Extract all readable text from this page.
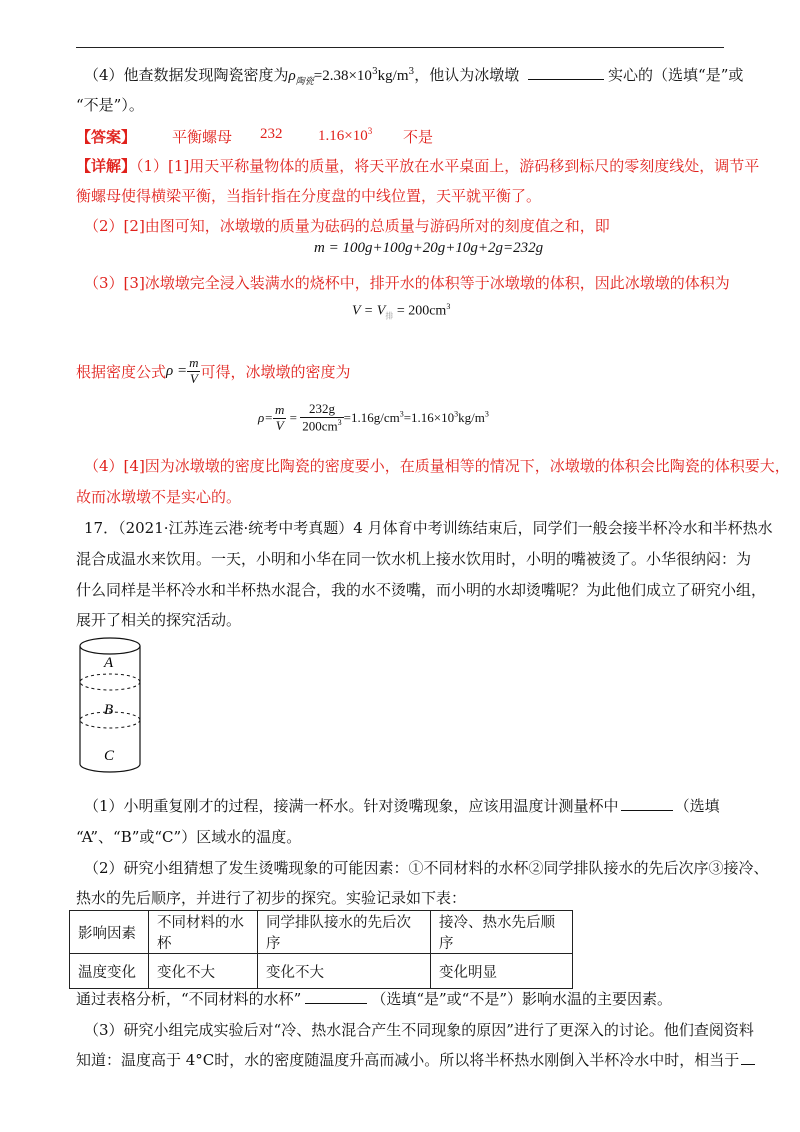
（4）他查数据发现陶瓷密度为$\rho_{陶瓷}=2.38\times 10^3kg/m^3$，他认为冰墩墩	实心的（选填“是”或
“不是”）。
【答案】 平衡螺母 232 $1.16\times 10^3$ 不是
【详解】（1）[1]用天平称量物体的质量，将天平放在水平桌面上，游码移到标尺的零刻度线处，调节平
衡螺母使得横梁平衡，当指针指在分度盘的中线位置，天平就平衡了。
（2）[2]由图可知，冰墩墩的质量为砝码的总质量与游码所对的刻度值之和，即
m = 100g+100g+20g+10g+2g=232g
（3）[3]冰墩墩完全浸入装满水的烧杯中，排开水的体积等于冰墩墩的体积，因此冰墩墩的体积为
$V = V_排 = 200cm^3$
根据密度公式$\rho = \frac{m}{V}$ 可得，冰墩墩的密度为
$\rho= \frac{m}{V} = \frac{232g}{200cm^3} =1.16g/cm^3=1.16\times 10^3kg/m^3$
（4）[4]因为冰墩墩的密度比陶瓷的密度要小，在质量相等的情况下，冰墩墩的体积会比陶瓷的体积要大，
故而冰墩墩不是实心的。
17．（2021·江苏连云港·统考中考真题）4 月体育中考训练结束后，同学们一般会接半杯冷水和半杯热水
混合成温水来饮用。一天，小明和小华在同一饮水机上接水饮用时，小明的嘴被烫了。小华很纳闷：为
什么同样是半杯冷水和半杯热水混合，我的水不烫嘴，而小明的水却烫嘴呢？为此他们成立了研究小组，
展开了相关的探究活动。
A
B
C
（1）小明重复刚才的过程，接满一杯水。针对烫嘴现象，应该用温度计测量杯中	（选填
“A”、“B”或“C”）区域水的温度。
（2）研究小组猜想了发生烫嘴现象的可能因素：①不同材料的水杯②同学排队接水的先后次序③接冷、
热水的先后顺序，并进行了初步的探究。实验记录如下表：
影响因素	不同材料的水杯	同学排队接水的先后次序	接冷、热水先后顺序
温度变化	变化不大	变化不大	变化明显
通过表格分析，“不同材料的水杯”	（选填“是”或“不是”）影响水温的主要因素。
（3）研究小组完成实验后对“冷、热水混合产生不同现象的原因”进行了更深入的讨论。他们查阅资料
知道：温度高于 4°C时，水的密度随温度升高而减小。所以将半杯热水刚倒入半杯冷水中时，相当于
